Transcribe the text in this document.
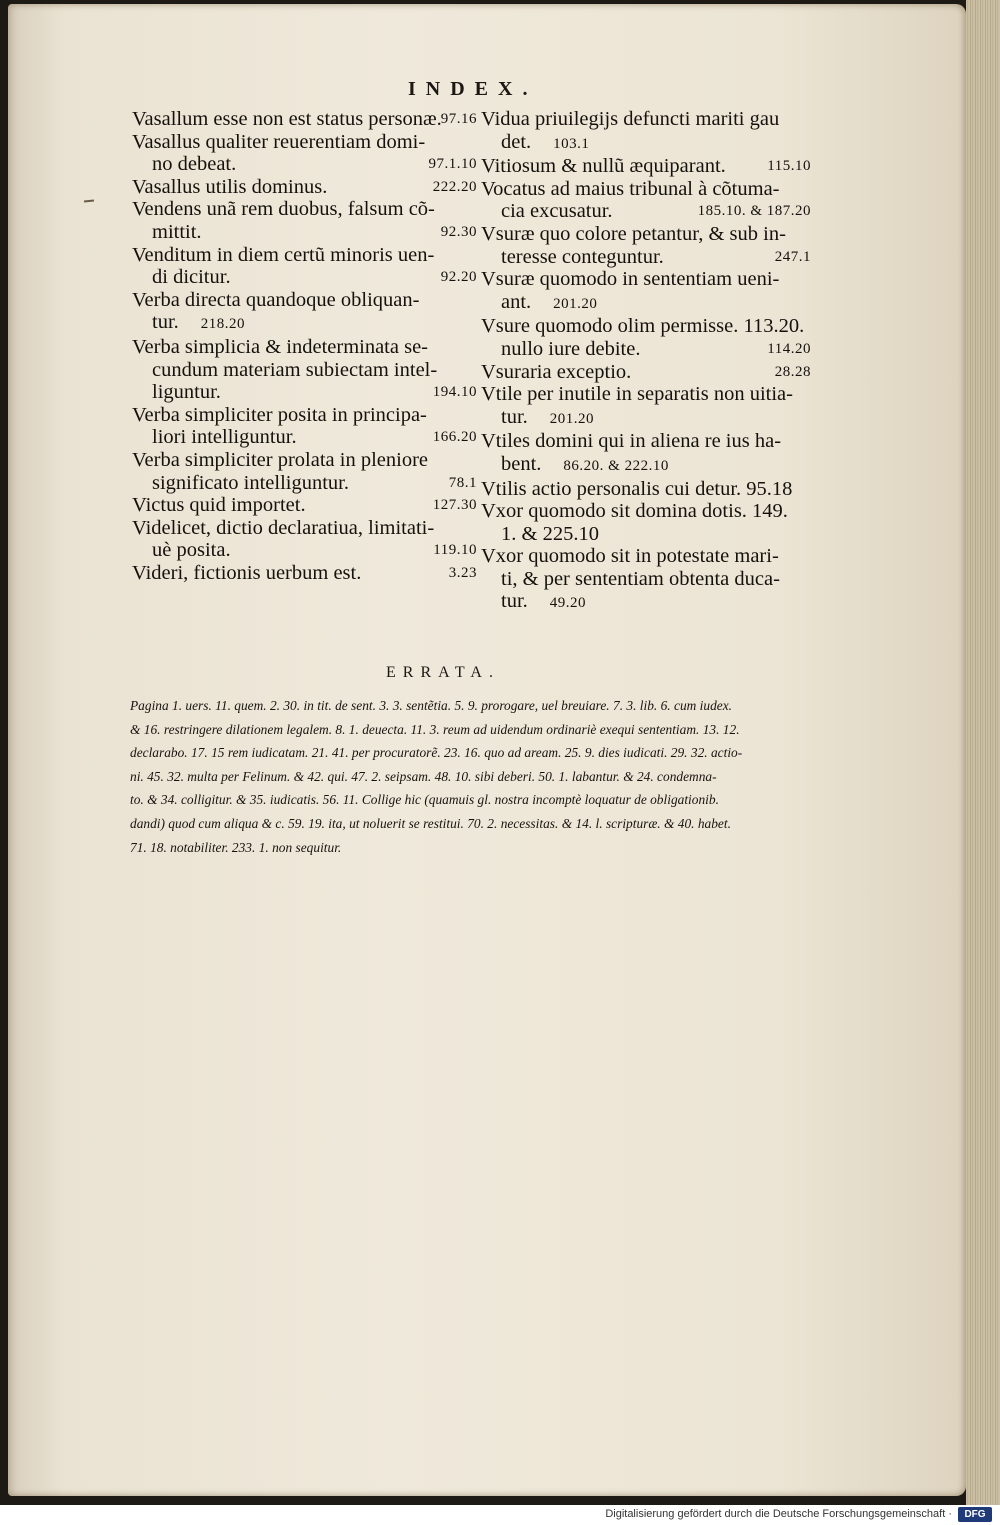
INDEX.
Vasallum esse non est status personæ. 97.16
Vasallus qualiter reuerentiam domi-
no debeat.	97.1.10
Vasallus utilis dominus.	222.20
Vendens unã rem duobus, falsum cõ-
mittit.	92.30
Venditum in diem certũ minoris uen-
di dicitur.	92.20
Verba directa quandoque obliquan-
tur. 218.20
Verba simplicia & indeterminata se-
cundum materiam subiectam intel-
liguntur.	194.10
Verba simpliciter posita in principa-
liori intelliguntur.	166.20
Verba simpliciter prolata in pleniore
significato intelliguntur.	78.1
Victus quid importet.	127.30
Videlicet, dictio declaratiua, limitati-
uè posita.	119.10
Videri, fictionis uerbum est.	3.23
Vidua priuilegijs defuncti mariti gau
det. 103.1
Vitiosum & nullũ æquiparant.	115.10
Vocatus ad maius tribunal à cõtuma-
cia excusatur.	185.10. & 187.20
Vsuræ quo colore petantur, & sub in-
teresse conteguntur.	247.1
Vsuræ quomodo in sententiam ueni-
ant. 201.20
Vsure quomodo olim permisse. 113.20.
nullo iure debite.	114.20
Vsuraria exceptio.	28.28
Vtile per inutile in separatis non uitia-
tur. 201.20
Vtiles domini qui in aliena re ius ha-
bent. 86.20. & 222.10
Vtilis actio personalis cui detur. 95.18
Vxor quomodo sit domina dotis. 149.
1. & 225.10
Vxor quomodo sit in potestate mari-
ti, & per sententiam obtenta duca-
tur. 49.20
ERRATA.
Pagina 1. uers. 11. quem. 2. 30. in tit. de sent. 3. 3. sentẽtia. 5. 9. prorogare, uel breuiare. 7. 3. lib. 6. cum iudex.
& 16. restringere dilationem legalem. 8. 1. deuecta. 11. 3. reum ad uidendum ordinariè exequi sententiam. 13. 12.
declarabo. 17. 15 rem iudicatam. 21. 41. per procuratorẽ. 23. 16. quo ad aream. 25. 9. dies iudicati. 29. 32. actio-
ni. 45. 32. multa per Felinum. & 42. qui. 47. 2. seipsam. 48. 10. sibi deberi. 50. 1. labantur. & 24. condemna-
to. & 34. colligitur. & 35. iudicatis. 56. 11. Collige hic (quamuis gl. nostra incomptè loquatur de obligationib.
dandi) quod cum aliqua & c. 59. 19. ita, ut noluerit se restitui. 70. 2. necessitas. & 14. l. scripturæ. & 40. habet.
71. 18. notabiliter. 233. 1. non sequitur.
Digitalisierung gefördert durch die Deutsche Forschungsgemeinschaft ·	DFG
